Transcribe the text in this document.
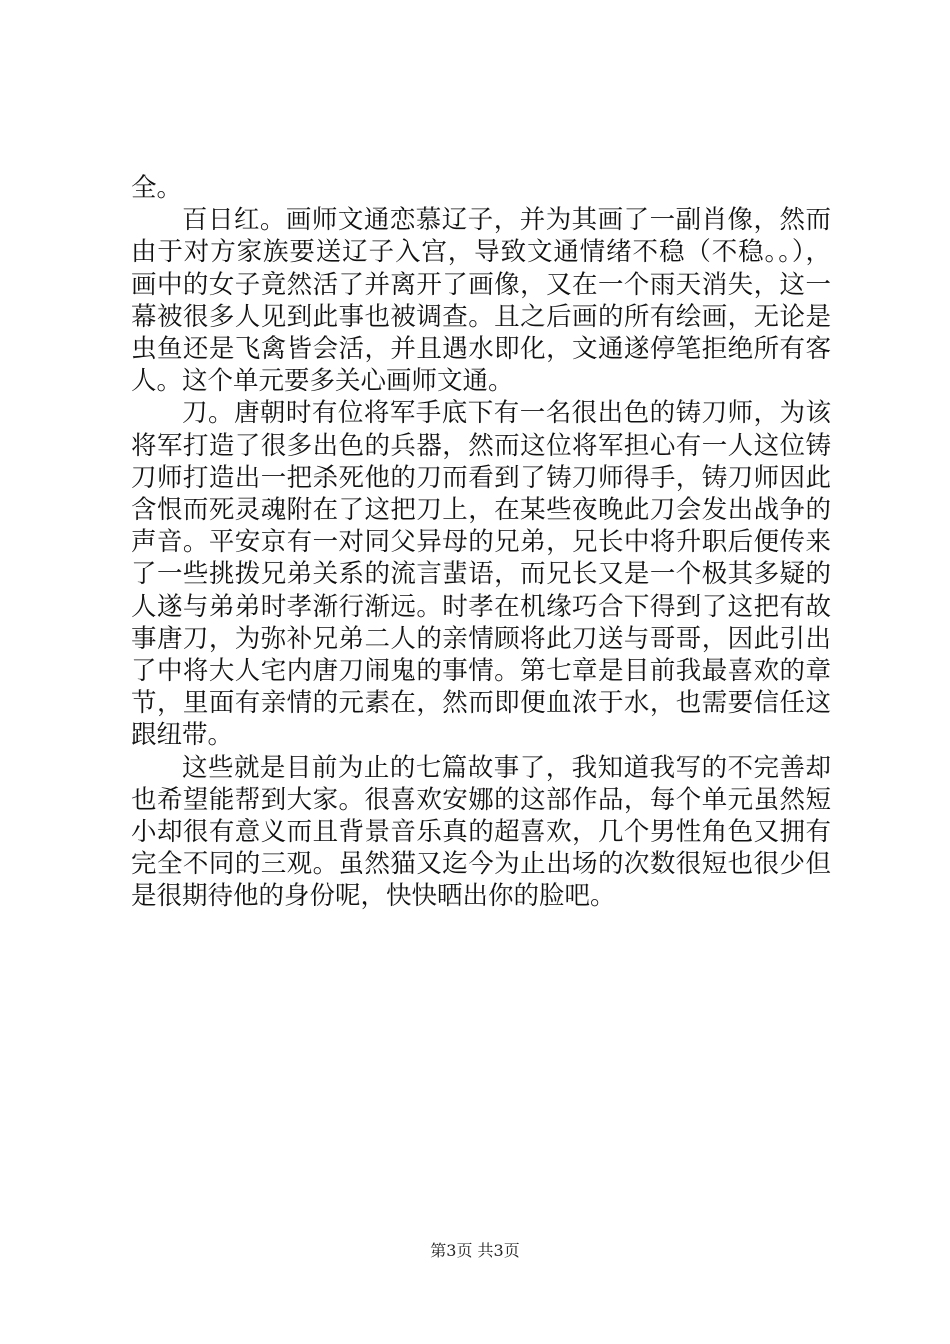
全。

百日红。画师文通恋慕辽子，并为其画了一副肖像，然而由于对方家族要送辽子入宫，导致文通情绪不稳（不稳。。），画中的女子竟然活了并离开了画像，又在一个雨天消失，这一幕被很多人见到此事也被调查。且之后画的所有绘画，无论是虫鱼还是飞禽皆会活，并且遇水即化，文通遂停笔拒绝所有客人。这个单元要多关心画师文通。

刀。唐朝时有位将军手底下有一名很出色的铸刀师，为该将军打造了很多出色的兵器，然而这位将军担心有一人这位铸刀师打造出一把杀死他的刀而看到了铸刀师得手，铸刀师因此含恨而死灵魂附在了这把刀上，在某些夜晚此刀会发出战争的声音。平安京有一对同父异母的兄弟，兄长中将升职后便传来了一些挑拨兄弟关系的流言蜚语，而兄长又是一个极其多疑的人遂与弟弟时孝渐行渐远。时孝在机缘巧合下得到了这把有故事唐刀，为弥补兄弟二人的亲情顾将此刀送与哥哥，因此引出了中将大人宅内唐刀闹鬼的事情。第七章是目前我最喜欢的章节，里面有亲情的元素在，然而即便血浓于水，也需要信任这跟纽带。

这些就是目前为止的七篇故事了，我知道我写的不完善却也希望能帮到大家。很喜欢安娜的这部作品，每个单元虽然短小却很有意义而且背景音乐真的超喜欢，几个男性角色又拥有完全不同的三观。虽然猫又迄今为止出场的次数很短也很少但是很期待他的身份呢，快快晒出你的脸吧。

第3页 共3页
